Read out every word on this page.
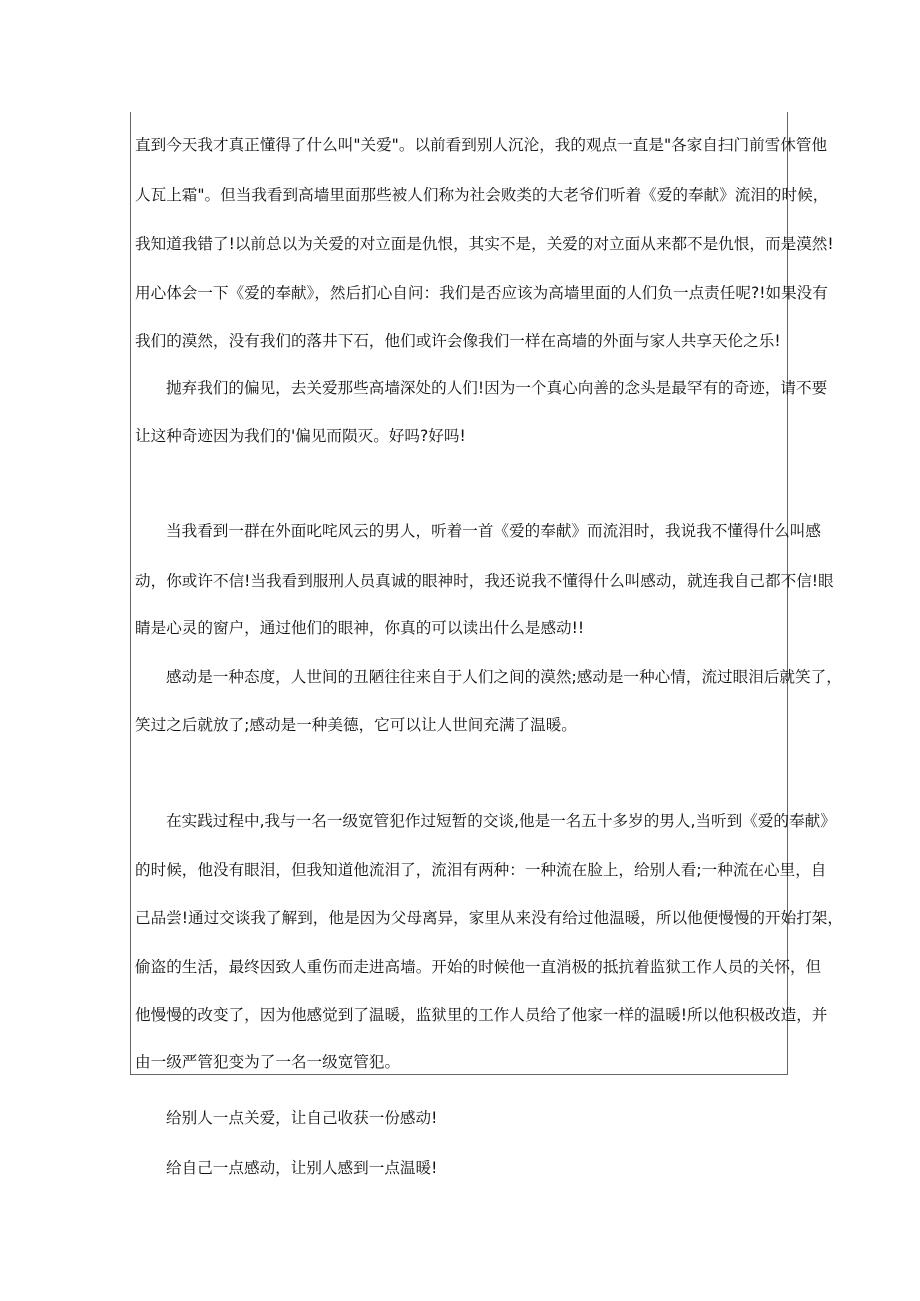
直到今天我才真正懂得了什么叫"关爱"。以前看到别人沉沦，我的观点一直是"各家自扫门前雪休管他
人瓦上霜"。但当我看到高墙里面那些被人们称为社会败类的大老爷们听着《爱的奉献》流泪的时候，
我知道我错了!以前总以为关爱的对立面是仇恨，其实不是，关爱的对立面从来都不是仇恨，而是漠然!
用心体会一下《爱的奉献》，然后扪心自问：我们是否应该为高墙里面的人们负一点责任呢?!如果没有
我们的漠然，没有我们的落井下石，他们或许会像我们一样在高墙的外面与家人共享天伦之乐!
抛弃我们的偏见，去关爱那些高墙深处的人们!因为一个真心向善的念头是最罕有的奇迹，请不要
让这种奇迹因为我们的'偏见而陨灭。好吗?好吗!
当我看到一群在外面叱咤风云的男人，听着一首《爱的奉献》而流泪时，我说我不懂得什么叫感
动，你或许不信!当我看到服刑人员真诚的眼神时，我还说我不懂得什么叫感动，就连我自己都不信!眼
睛是心灵的窗户，通过他们的眼神，你真的可以读出什么是感动!!
感动是一种态度，人世间的丑陋往往来自于人们之间的漠然;感动是一种心情，流过眼泪后就笑了，
笑过之后就放了;感动是一种美德，它可以让人世间充满了温暖。
在实践过程中,我与一名一级宽管犯作过短暂的交谈,他是一名五十多岁的男人,当听到《爱的奉献》
的时候，他没有眼泪，但我知道他流泪了，流泪有两种：一种流在脸上，给别人看;一种流在心里，自
己品尝!通过交谈我了解到，他是因为父母离异，家里从来没有给过他温暖，所以他便慢慢的开始打架，
偷盗的生活，最终因致人重伤而走进高墙。开始的时候他一直消极的抵抗着监狱工作人员的关怀，但
他慢慢的改变了，因为他感觉到了温暖，监狱里的工作人员给了他家一样的温暖!所以他积极改造，并
由一级严管犯变为了一名一级宽管犯。
给别人一点关爱，让自己收获一份感动!
给自己一点感动，让别人感到一点温暖!
